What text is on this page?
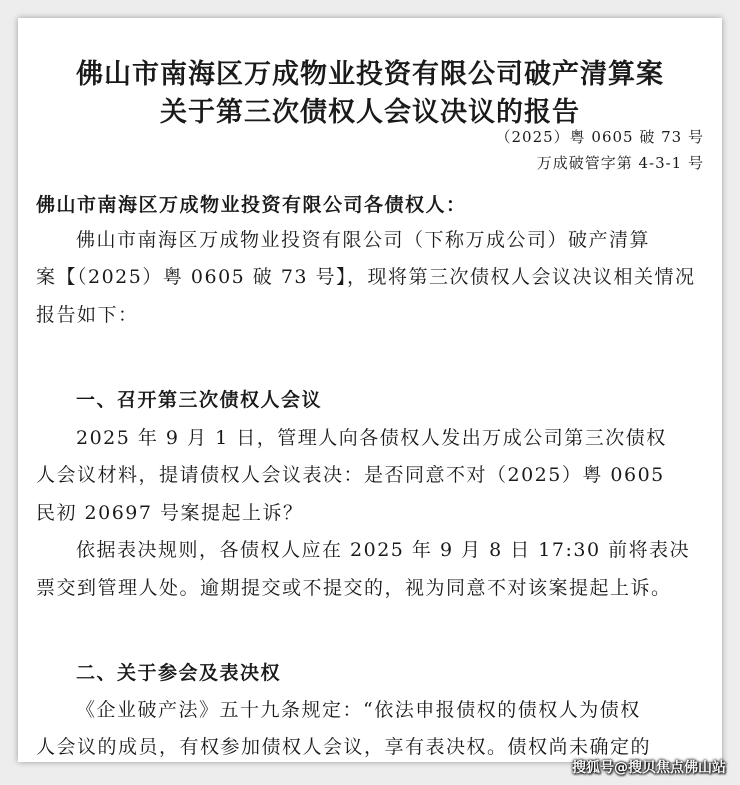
佛山市南海区万成物业投资有限公司破产清算案
关于第三次债权人会议决议的报告
（2025）粤 0605 破 73 号
万成破管字第 4-3-1 号
佛山市南海区万成物业投资有限公司各债权人：
佛山市南海区万成物业投资有限公司（下称万成公司）破产清算
案【（2025）粤 0605 破 73 号】，现将第三次债权人会议决议相关情况
报告如下：
一、召开第三次债权人会议
2025 年 9 月 1 日，管理人向各债权人发出万成公司第三次债权
人会议材料，提请债权人会议表决：是否同意不对（2025）粤 0605
民初 20697 号案提起上诉？
依据表决规则，各债权人应在 2025 年 9 月 8 日 17:30 前将表决
票交到管理人处。逾期提交或不提交的，视为同意不对该案提起上诉。
二、关于参会及表决权
《企业破产法》五十九条规定：“依法申报债权的债权人为债权
人会议的成员，有权参加债权人会议，享有表决权。债权尚未确定的
搜狐号@搜贝焦点佛山站
